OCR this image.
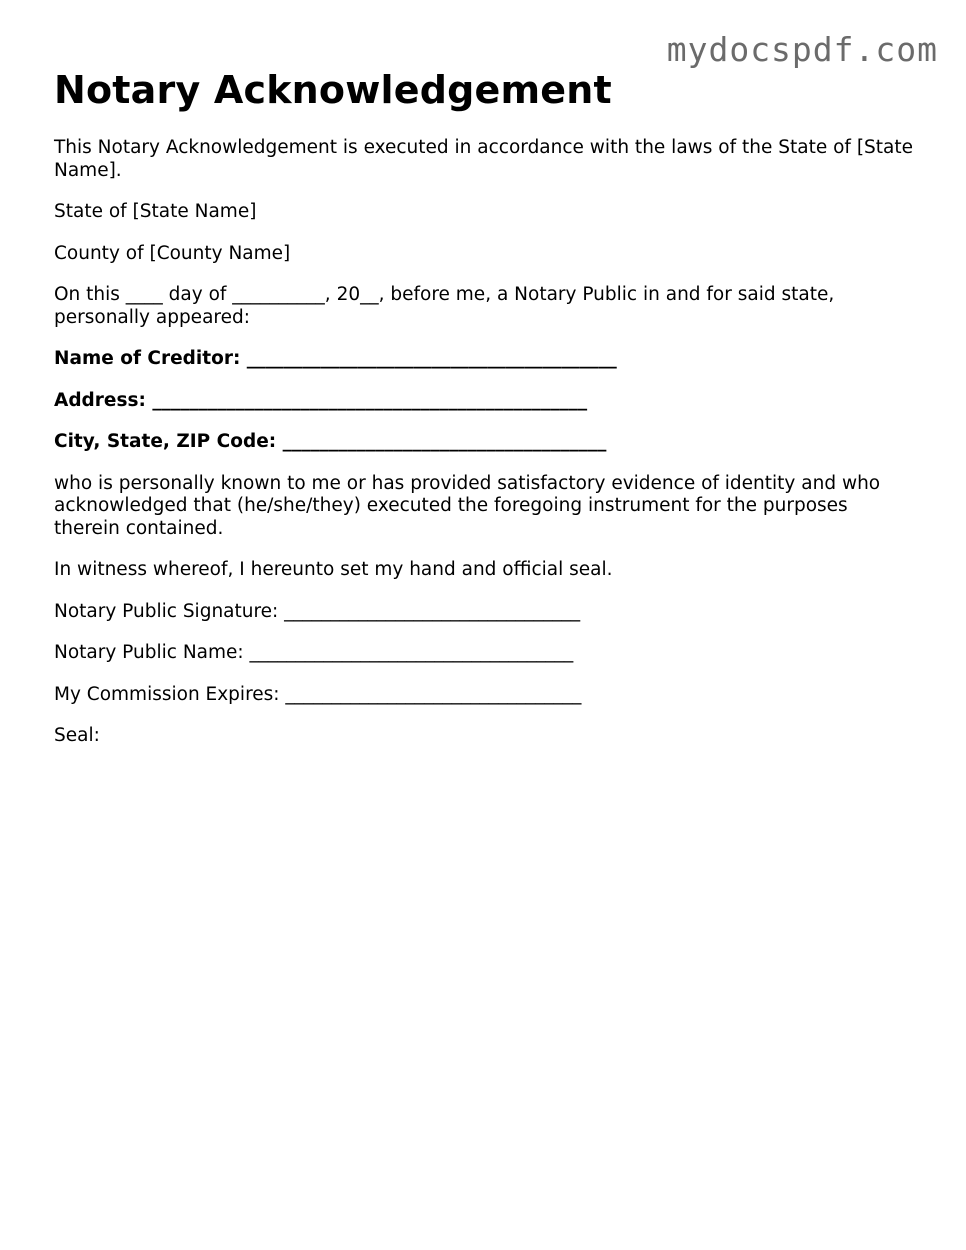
mydocspdf.com
Notary Acknowledgement

This Notary Acknowledgement is executed in accordance with the laws of the State of [State Name].

State of [State Name]

County of [County Name]

On this ____ day of __________, 20__, before me, a Notary Public in and for said state, personally appeared:

Name of Creditor: ________________________________________

Address: _______________________________________________

City, State, ZIP Code: ___________________________________

who is personally known to me or has provided satisfactory evidence of identity and who acknowledged that (he/she/they) executed the foregoing instrument for the purposes therein contained.

In witness whereof, I hereunto set my hand and official seal.

Notary Public Signature: ________________________________

Notary Public Name: ___________________________________

My Commission Expires: ________________________________

Seal:
